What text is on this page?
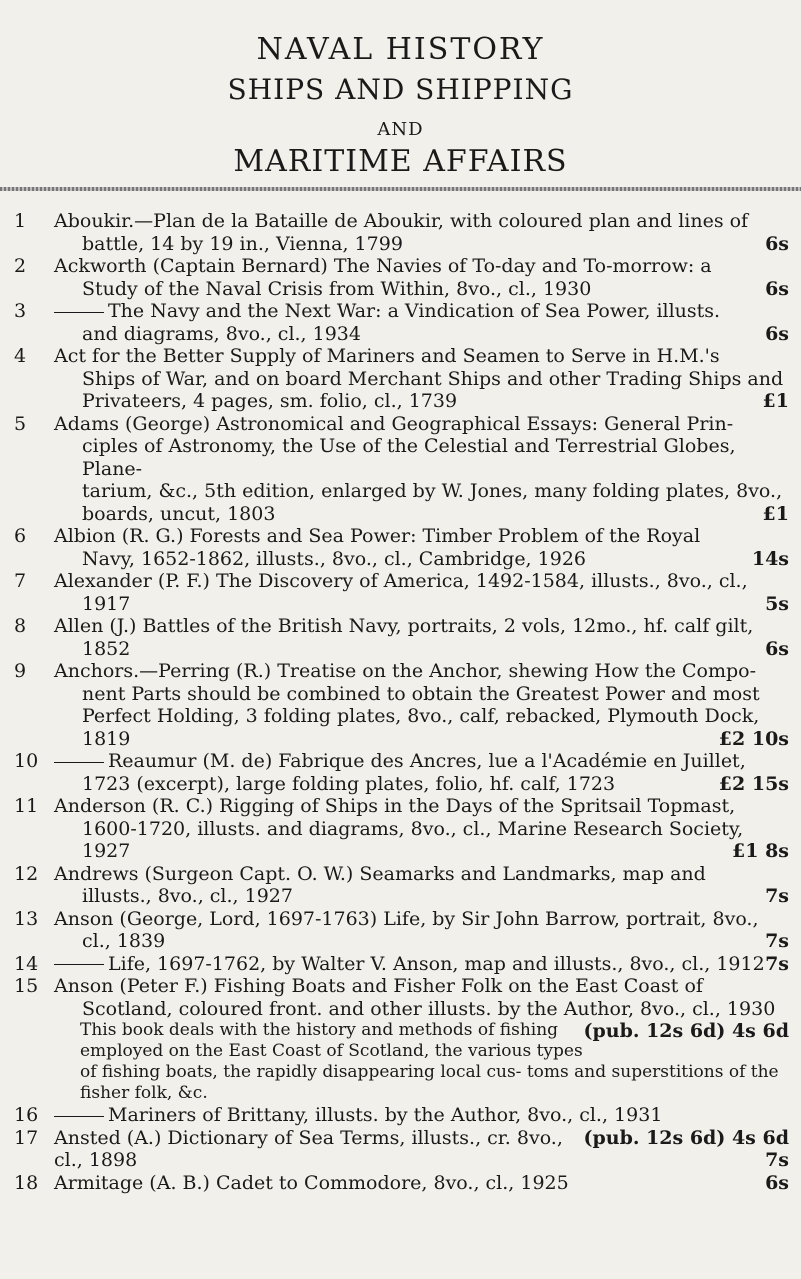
NAVAL HISTORY
SHIPS AND SHIPPING
AND
MARITIME AFFAIRS
1 Aboukir.—Plan de la Bataille de Aboukir, with coloured plan and lines of
battle, 14 by 19 in., Vienna, 1799	6s
2 Ackworth (Captain Bernard) The Navies of To-day and To-morrow: a
Study of the Naval Crisis from Within, 8vo., cl., 1930	6s
3	The Navy and the Next War: a Vindication of Sea Power, illusts.
and diagrams, 8vo., cl., 1934	6s
4 Act for the Better Supply of Mariners and Seamen to Serve in H.M.'s
Ships of War, and on board Merchant Ships and other Trading Ships and
Privateers, 4 pages, sm. folio, cl., 1739	£1
5 Adams (George) Astronomical and Geographical Essays: General Prin-
ciples of Astronomy, the Use of the Celestial and Terrestrial Globes, Plane-
tarium, &c., 5th edition, enlarged by W. Jones, many folding plates, 8vo.,
boards, uncut, 1803	£1
6 Albion (R. G.) Forests and Sea Power: Timber Problem of the Royal
Navy, 1652-1862, illusts., 8vo., cl., Cambridge, 1926	14s
7 Alexander (P. F.) The Discovery of America, 1492-1584, illusts., 8vo., cl.,
1917	5s
8 Allen (J.) Battles of the British Navy, portraits, 2 vols, 12mo., hf. calf gilt,
1852	6s
9 Anchors.—Perring (R.) Treatise on the Anchor, shewing How the Compo-
nent Parts should be combined to obtain the Greatest Power and most
Perfect Holding, 3 folding plates, 8vo., calf, rebacked, Plymouth Dock, 1819	£2 10s
10	Reaumur (M. de) Fabrique des Ancres, lue a l'Académie en Juillet,
1723 (excerpt), large folding plates, folio, hf. calf, 1723	£2 15s
11 Anderson (R. C.) Rigging of Ships in the Days of the Spritsail Topmast,
1600-1720, illusts. and diagrams, 8vo., cl., Marine Research Society, 1927	£1 8s
12 Andrews (Surgeon Capt. O. W.) Seamarks and Landmarks, map and
illusts., 8vo., cl., 1927	7s
13 Anson (George, Lord, 1697-1763) Life, by Sir John Barrow, portrait, 8vo.,
cl., 1839	7s
14	Life, 1697-1762, by Walter V. Anson, map and illusts., 8vo., cl., 1912 7s
15 Anson (Peter F.) Fishing Boats and Fisher Folk on the East Coast of
Scotland, coloured front. and other illusts. by the Author, 8vo., cl., 1930
(pub. 12s 6d) 4s 6d
This book deals with the history and methods of fishing employed on the East Coast of Scotland, the various types of fishing boats, the rapidly disappearing local cus- toms and superstitions of the fisher folk, &c.
16	Mariners of Brittany, illusts. by the Author, 8vo., cl., 1931
(pub. 12s 6d) 4s 6d
17 Ansted (A.) Dictionary of Sea Terms, illusts., cr. 8vo., cl., 1898	7s
18 Armitage (A. B.) Cadet to Commodore, 8vo., cl., 1925	6s
